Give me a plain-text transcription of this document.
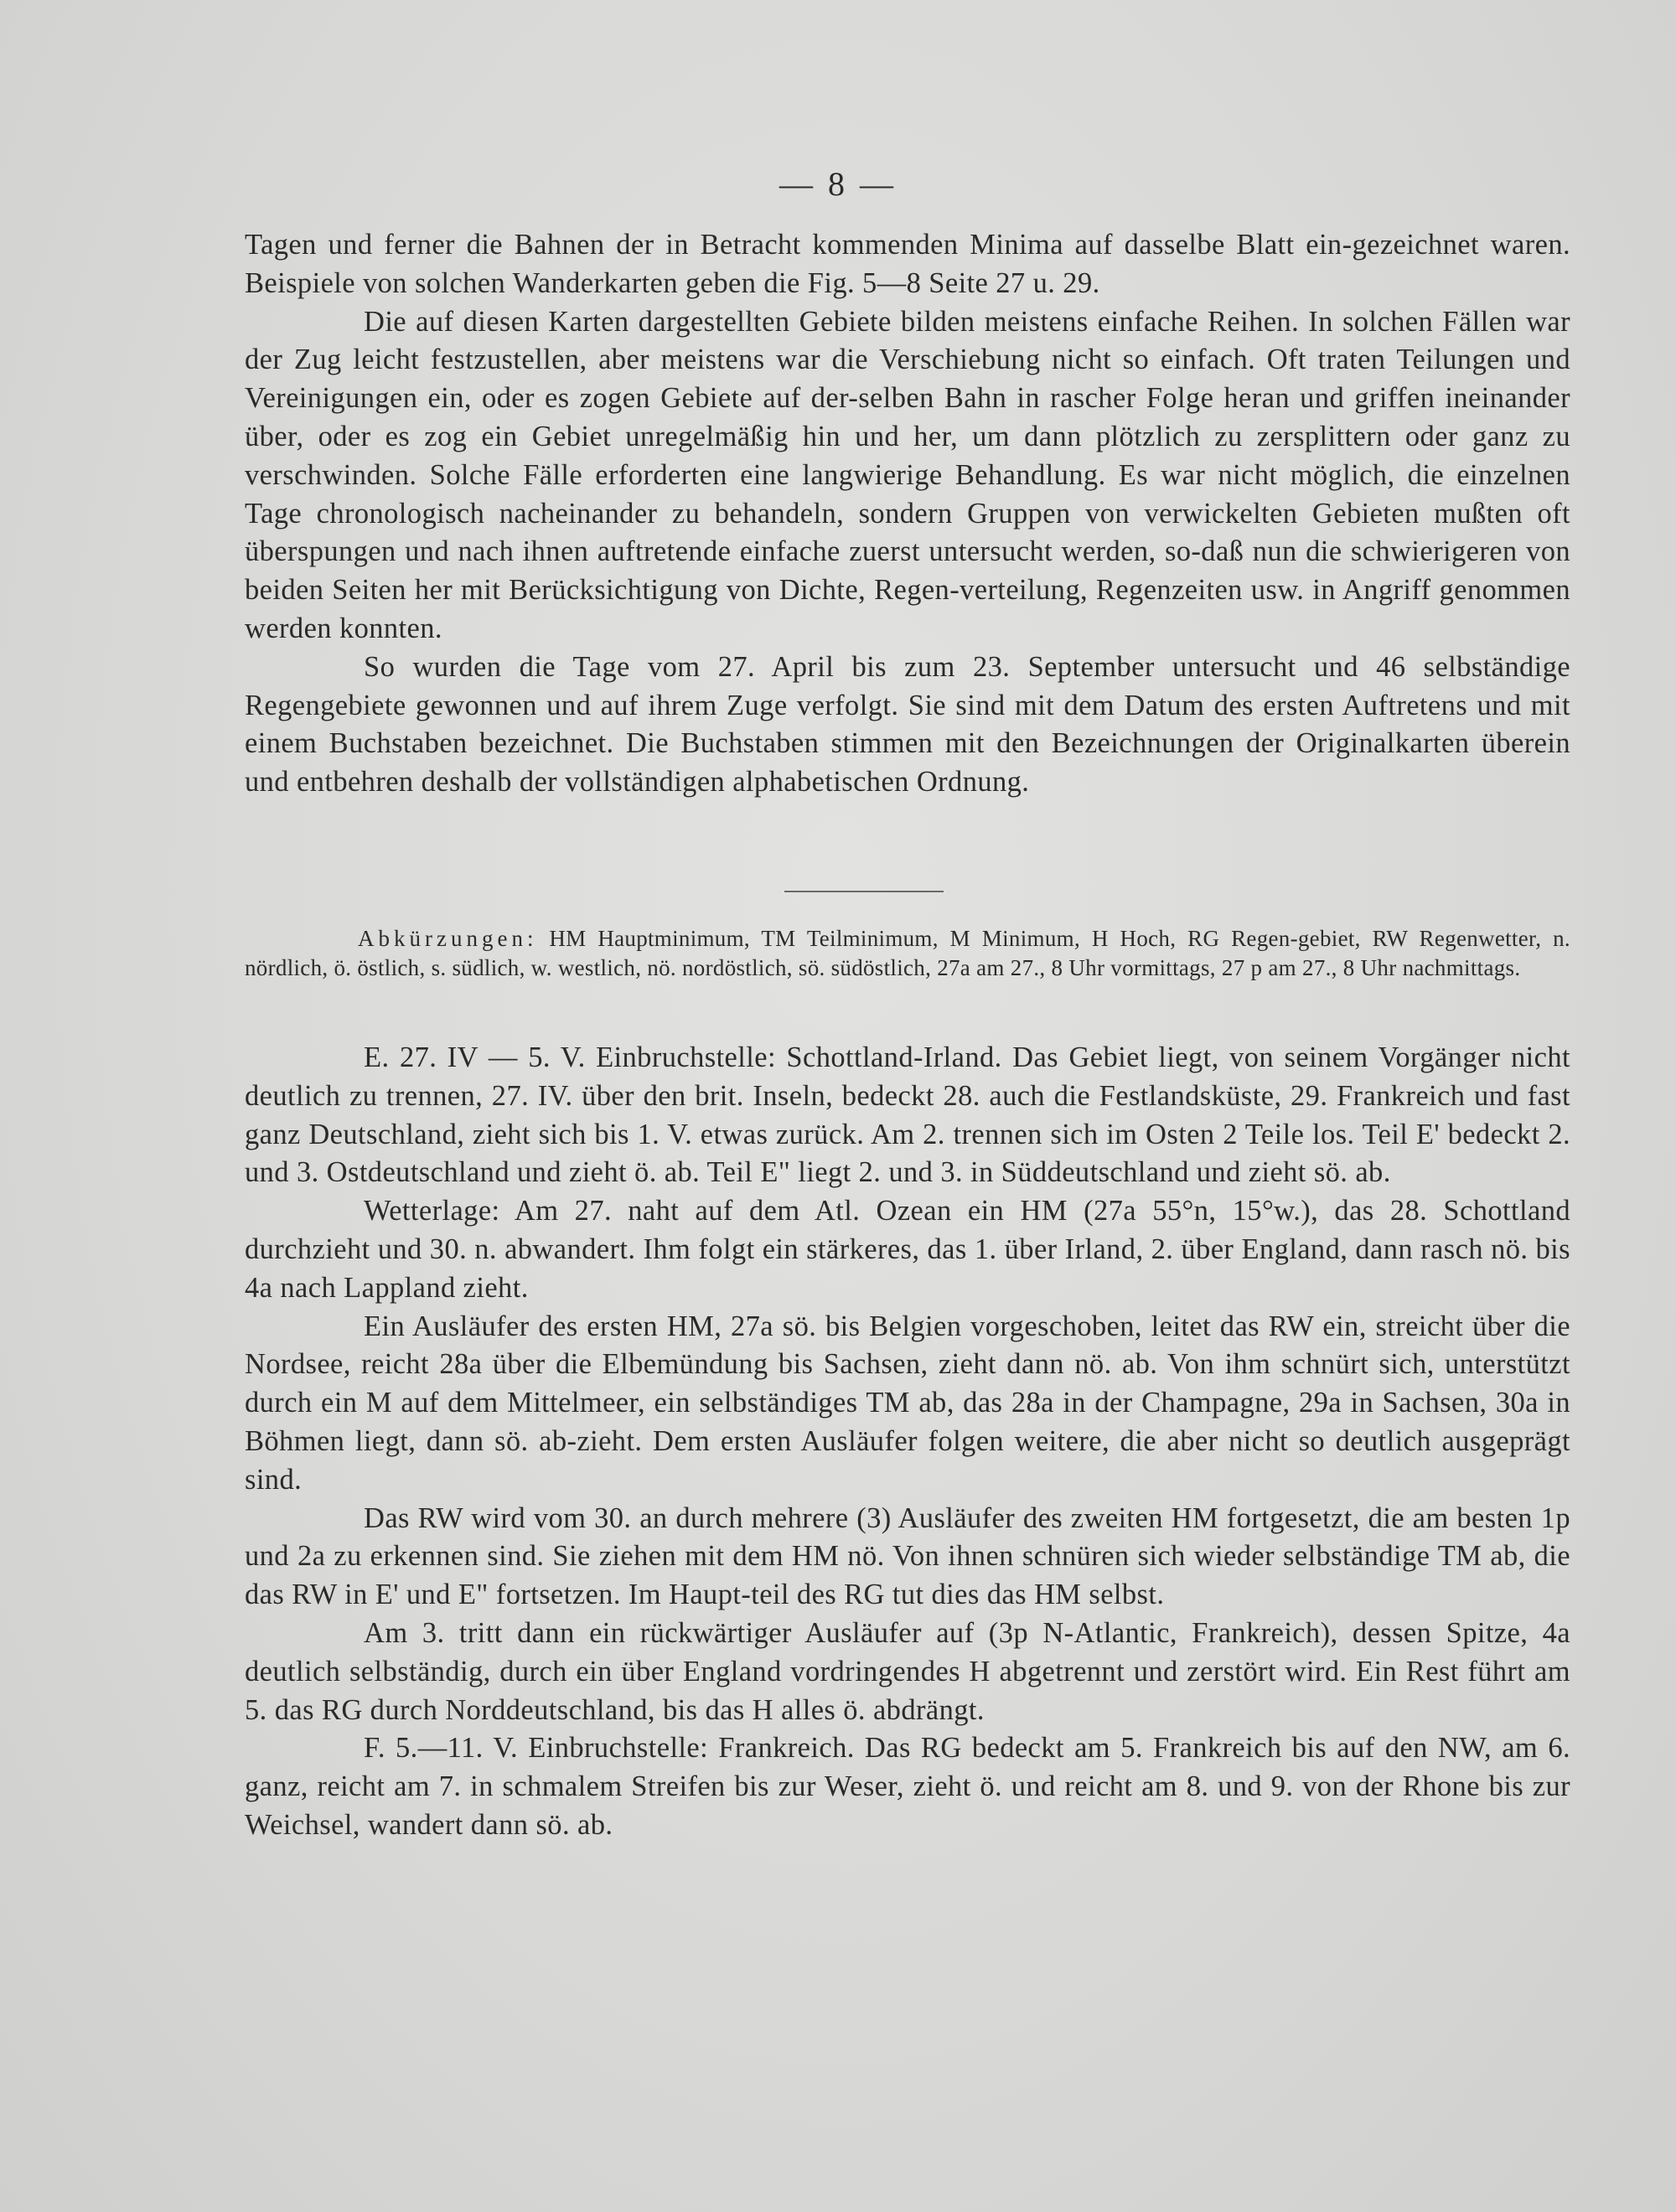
— 8 —

Tagen und ferner die Bahnen der in Betracht kommenden Minima auf dasselbe Blatt ein-gezeichnet waren. Beispiele von solchen Wanderkarten geben die Fig. 5—8 Seite 27 u. 29.

Die auf diesen Karten dargestellten Gebiete bilden meistens einfache Reihen. In solchen Fällen war der Zug leicht festzustellen, aber meistens war die Verschiebung nicht so einfach. Oft traten Teilungen und Vereinigungen ein, oder es zogen Gebiete auf der-selben Bahn in rascher Folge heran und griffen ineinander über, oder es zog ein Gebiet unregelmäßig hin und her, um dann plötzlich zu zersplittern oder ganz zu verschwinden. Solche Fälle erforderten eine langwierige Behandlung. Es war nicht möglich, die einzelnen Tage chronologisch nacheinander zu behandeln, sondern Gruppen von verwickelten Gebieten mußten oft überspungen und nach ihnen auftretende einfache zuerst untersucht werden, so-daß nun die schwierigeren von beiden Seiten her mit Berücksichtigung von Dichte, Regen-verteilung, Regenzeiten usw. in Angriff genommen werden konnten.

So wurden die Tage vom 27. April bis zum 23. September untersucht und 46 selbständige Regengebiete gewonnen und auf ihrem Zuge verfolgt. Sie sind mit dem Datum des ersten Auftretens und mit einem Buchstaben bezeichnet. Die Buchstaben stimmen mit den Bezeichnungen der Originalkarten überein und entbehren deshalb der vollständigen alphabetischen Ordnung.

Abkürzungen: HM Hauptminimum, TM Teilminimum, M Minimum, H Hoch, RG Regen-gebiet, RW Regenwetter, n. nördlich, ö. östlich, s. südlich, w. westlich, nö. nordöstlich, sö. südöstlich, 27a am 27., 8 Uhr vormittags, 27 p am 27., 8 Uhr nachmittags.

E. 27. IV — 5. V. Einbruchstelle: Schottland-Irland. Das Gebiet liegt, von seinem Vorgänger nicht deutlich zu trennen, 27. IV. über den brit. Inseln, bedeckt 28. auch die Festlandsküste, 29. Frankreich und fast ganz Deutschland, zieht sich bis 1. V. etwas zurück. Am 2. trennen sich im Osten 2 Teile los. Teil E' bedeckt 2. und 3. Ostdeutschland und zieht ö. ab. Teil E" liegt 2. und 3. in Süddeutschland und zieht sö. ab.

Wetterlage: Am 27. naht auf dem Atl. Ozean ein HM (27a 55°n, 15°w.), das 28. Schottland durchzieht und 30. n. abwandert. Ihm folgt ein stärkeres, das 1. über Irland, 2. über England, dann rasch nö. bis 4a nach Lappland zieht.

Ein Ausläufer des ersten HM, 27a sö. bis Belgien vorgeschoben, leitet das RW ein, streicht über die Nordsee, reicht 28a über die Elbemündung bis Sachsen, zieht dann nö. ab. Von ihm schnürt sich, unterstützt durch ein M auf dem Mittelmeer, ein selbständiges TM ab, das 28a in der Champagne, 29a in Sachsen, 30a in Böhmen liegt, dann sö. ab-zieht. Dem ersten Ausläufer folgen weitere, die aber nicht so deutlich ausgeprägt sind.

Das RW wird vom 30. an durch mehrere (3) Ausläufer des zweiten HM fortgesetzt, die am besten 1p und 2a zu erkennen sind. Sie ziehen mit dem HM nö. Von ihnen schnüren sich wieder selbständige TM ab, die das RW in E' und E" fortsetzen. Im Haupt-teil des RG tut dies das HM selbst.

Am 3. tritt dann ein rückwärtiger Ausläufer auf (3p N-Atlantic, Frankreich), dessen Spitze, 4a deutlich selbständig, durch ein über England vordringendes H abgetrennt und zerstört wird. Ein Rest führt am 5. das RG durch Norddeutschland, bis das H alles ö. abdrängt.

F. 5.—11. V. Einbruchstelle: Frankreich. Das RG bedeckt am 5. Frankreich bis auf den NW, am 6. ganz, reicht am 7. in schmalem Streifen bis zur Weser, zieht ö. und reicht am 8. und 9. von der Rhone bis zur Weichsel, wandert dann sö. ab.
